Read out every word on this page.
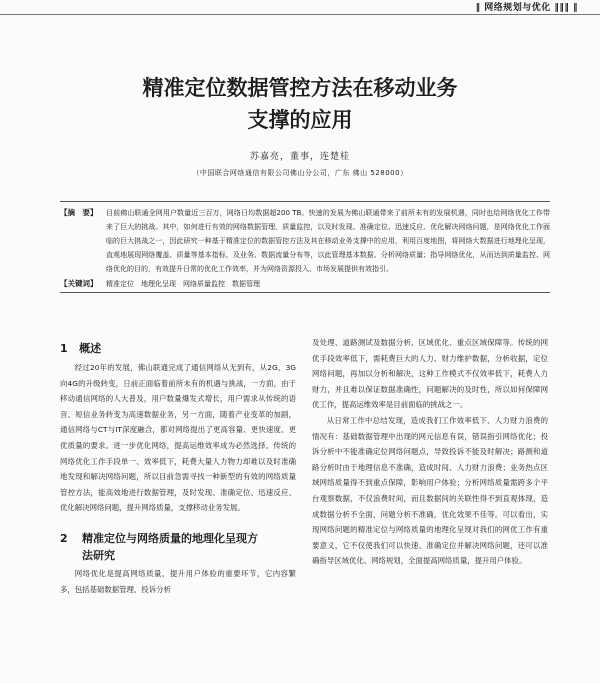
‖ 网络规划与优化 ‖‖‖ ‖
精准定位数据管控方法在移动业务
支撑的应用
苏嘉亮，董事，连楚桂
（中国联合网络通信有限公司佛山分公司，广东 佛山 528000）
【摘　要】	目前佛山联通全网用户数量近三百万，网络日均数据超200 TB。快速的发展为佛山联通带来了前所未有的发展机遇，同时也给网络优化工作带来了巨大的挑战。其中，如何进行有效的网络数据管理、质量监控，以及时发现、准确定位、迅速反应、优化解决网络问题，是网络优化工作面临的巨大挑战之一，因此研究一种基于精准定位的数据管控方法及其在移动业务支撑中的应用，利用百度地图，将网络大数据进行地理化呈现，直观地展现网络覆盖、质量等基本指标，及业务、数据流量分布等，以此管理基本数据、分析网络质量；指导网络优化，从而达到质量监控、网络优化的目的，有效提升日常的优化工作效率，并为网络资源投入、市场发展提供有效指引。
【关键词】	精准定位　地理化呈现　网络质量监控　数据管理
1 概述

经过20年的发展，佛山联通完成了通信网络从无到有，从2G、3G向4G的升级转变，日前正面临着前所未有的机遇与挑战，一方面，由于移动通信网络的人大普及，用户数量爆发式增长，用户需求从传统的语音、短信业务转变为高速数据业务，另一方面，随着产业变革的加剧，通信网络与CT与IT深度融合，都对网络提出了更高容量、更快速度、更优质量的要求。进一步优化网络，提高运维效率成为必然选择。传统的网络优化工作手段单一、效率低下，耗费大量人力物力却难以及时准确地发现和解决网络问题，所以目前急需寻找一种新型的有效的网络质量管控方法，能高效地进行数据管理，及时发现、准确定位、迅速反应、优化解决网络问题，提升网络质量，支撑移动业务发展。

2	精准定位与网络质量的地理化呈现方
法研究

网络优化是提高网络质量，提升用户体验的重要环节，它内容繁多，包括基础数据管理、投诉分析

及处理、道路测试及数据分析、区域优化、重点区域保障等。传统的网优手段效率低下，需耗费巨大的人力、财力维护数据，分析收据，定位网络问题，再加以分析和解决，这种工作模式不仅效率低下，耗费人力财力，并且难以保证数据准确性，问题解决的及时性，所以如何保障网优工作，提高运维效率是目前面临的挑战之一。

从日常工作中总结发现，造成我们工作效率低下、人力财力浪费的情况有：基础数据管理中出现的网元信息有误，错误指引网络优化；投诉分析中不能准确定位网络问题点，导致投诉不能及时解决；路测和道路分析时由于地理信息不准确，造成时间、人力财力浪费；业务热点区域网络质量得不到重点保障，影响用户体验；分析网络质量需跨多个平台观察数据，不仅浪费时间，而且数据间的关联性得不到直观体现，造成数据分析不全面，问题分析不准确，优化效果不佳等。可以看出，实现网络问题的精准定位与网络质量的地理化呈现对我们的网优工作有重要意义，它不仅使我们可以快速、准确定位并解决网络问题，还可以准确指导区域优化、网络规划，全面提高网络质量，提升用户体验。
